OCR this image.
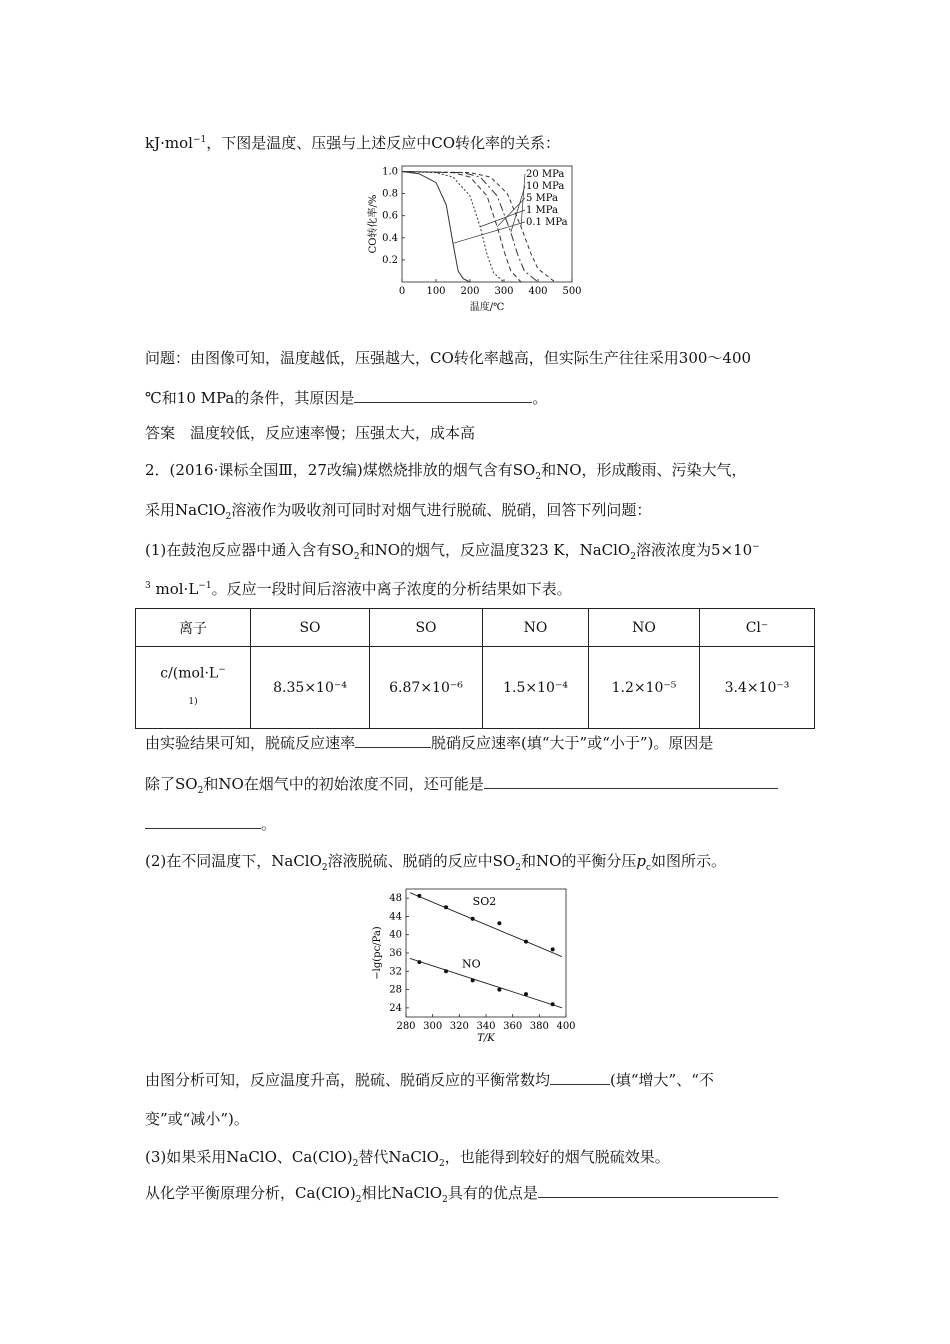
kJ·mol$^{-1}$，下图是温度、压强与上述反应中CO转化率的关系：
0 100 200 300 400 500
0.2
0.4
0.6
0.8
1.0
温度/℃
CO转化率/%
20 MPa
10 MPa
5 MPa
1 MPa
0.1 MPa
问题：由图像可知，温度越低，压强越大，CO转化率越高，但实际生产往往采用300～400
℃和10 MPa的条件，其原因是	。
答案　温度较低，反应速率慢；压强太大，成本高
2．(2016·课标全国Ⅲ，27改编)煤燃烧排放的烟气含有$SO_2$和NO，形成酸雨、污染大气，
采用NaClO$_2$溶液作为吸收剂可同时对烟气进行脱硫、脱硝，回答下列问题：
(1)在鼓泡反应器中通入含有$SO_2$和NO的烟气，反应温度323 K，NaClO$_2$溶液浓度为5×10−
$^3$ $mol\cdot L^{-1}$。反应一段时间后溶液中离子浓度的分析结果如下表。
离子	SO	SO	NO	NO	Cl⁻
c/(mol·L−
$^{1)}$	8.35×10⁻⁴	6.87×10⁻⁶	1.5×10⁻⁴	1.2×10⁻⁵	3.4×10⁻³
由实验结果可知，脱硫反应速率	脱硝反应速率(填“大于”或“小于”)。原因是
除了$SO_2$和NO在烟气中的初始浓度不同，还可能是
。
(2)在不同温度下，NaClO$_2$溶液脱硫、脱硝的反应中$SO_2$和NO的平衡分压$p_c$如图所示。
280 300 320 340 360 380 400
24
28
32
36
40
44
48
T/K
−lg(pc/Pa)
SO2
NO
由图分析可知，反应温度升高，脱硫、脱硝反应的平衡常数均	(填“增大”、“不
变”或“减小”)。
(3)如果采用NaClO、$Ca(ClO)_2$替代NaClO$_2$，也能得到较好的烟气脱硫效果。
从化学平衡原理分析，$Ca(ClO)_2$相比NaClO$_2$具有的优点是
